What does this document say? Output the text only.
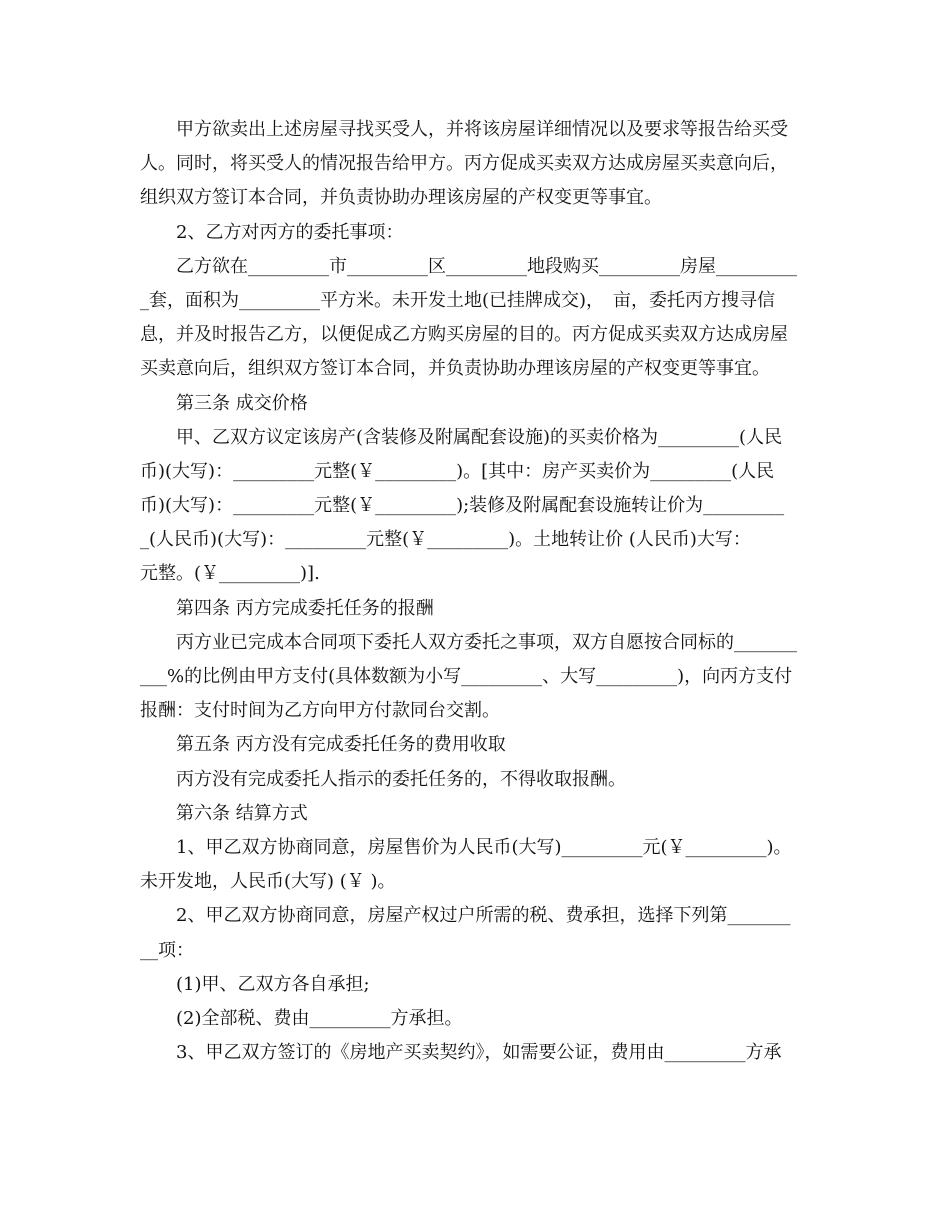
甲方欲卖出上述房屋寻找买受人，并将该房屋详细情况以及要求等报告给买受
人。同时，将买受人的情况报告给甲方。丙方促成买卖双方达成房屋买卖意向后，
组织双方签订本合同，并负责协助办理该房屋的产权变更等事宜。
2、乙方对丙方的委托事项：
乙方欲在_________市_________区_________地段购买_________房屋_________
_套，面积为_________平方米。未开发土地(已挂牌成交)，　亩，委托丙方搜寻信
息，并及时报告乙方，以便促成乙方购买房屋的目的。丙方促成买卖双方达成房屋
买卖意向后，组织双方签订本合同，并负责协助办理该房屋的产权变更等事宜。
第三条 成交价格
甲、乙双方议定该房产(含装修及附属配套设施)的买卖价格为_________(人民
币)(大写)：_________元整(￥_________)。[其中：房产买卖价为_________(人民
币)(大写)：_________元整(￥_________);装修及附属配套设施转让价为_________
_(人民币)(大写)：_________元整(￥_________)。土地转让价 (人民币)大写：
元整。(￥_________)].
第四条 丙方完成委托任务的报酬
丙方业已完成本合同项下委托人双方委托之事项，双方自愿按合同标的_______
___%的比例由甲方支付(具体数额为小写_________、大写_________)，向丙方支付
报酬：支付时间为乙方向甲方付款同台交割。
第五条 丙方没有完成委托任务的费用收取
丙方没有完成委托人指示的委托任务的，不得收取报酬。
第六条 结算方式
1、甲乙双方协商同意，房屋售价为人民币(大写)_________元(￥_________)。
未开发地，人民币(大写) (￥ )。
2、甲乙双方协商同意，房屋产权过户所需的税、费承担，选择下列第_______
__项：
(1)甲、乙双方各自承担;
(2)全部税、费由_________方承担。
3、甲乙双方签订的《房地产买卖契约》，如需要公证，费用由_________方承
